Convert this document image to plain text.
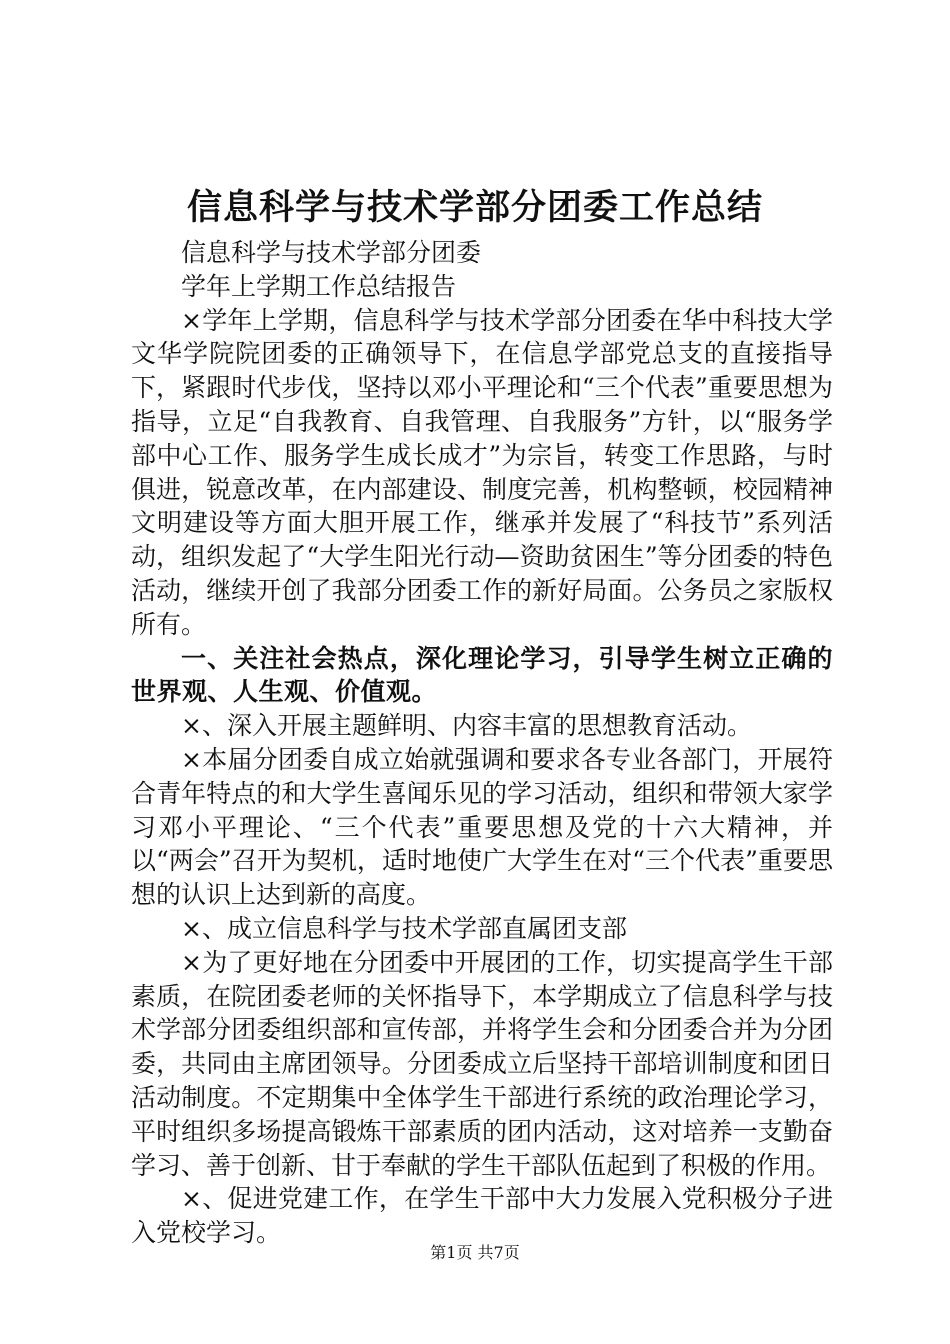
信息科学与技术学部分团委工作总结

信息科学与技术学部分团委

学年上学期工作总结报告

×学年上学期，信息科学与技术学部分团委在华中科技大学文华学院院团委的正确领导下，在信息学部党总支的直接指导下，紧跟时代步伐，坚持以邓小平理论和“三个代表”重要思想为指导，立足“自我教育、自我管理、自我服务”方针，以“服务学部中心工作、服务学生成长成才”为宗旨，转变工作思路，与时俱进，锐意改革，在内部建设、制度完善，机构整顿，校园精神文明建设等方面大胆开展工作，继承并发展了“科技节”系列活动，组织发起了“大学生阳光行动—资助贫困生”等分团委的特色活动，继续开创了我部分团委工作的新好局面。公务员之家版权所有。

一、关注社会热点，深化理论学习，引导学生树立正确的世界观、人生观、价值观。

×、深入开展主题鲜明、内容丰富的思想教育活动。

×本届分团委自成立始就强调和要求各专业各部门，开展符合青年特点的和大学生喜闻乐见的学习活动，组织和带领大家学习邓小平理论、“三个代表”重要思想及党的十六大精神，并以“两会”召开为契机，适时地使广大学生在对“三个代表”重要思想的认识上达到新的高度。

×、成立信息科学与技术学部直属团支部

×为了更好地在分团委中开展团的工作，切实提高学生干部素质，在院团委老师的关怀指导下，本学期成立了信息科学与技术学部分团委组织部和宣传部，并将学生会和分团委合并为分团委，共同由主席团领导。分团委成立后坚持干部培训制度和团日活动制度。不定期集中全体学生干部进行系统的政治理论学习，平时组织多场提高锻炼干部素质的团内活动，这对培养一支勤奋学习、善于创新、甘于奉献的学生干部队伍起到了积极的作用。

×、促进党建工作，在学生干部中大力发展入党积极分子进入党校学习。

第1页 共7页
